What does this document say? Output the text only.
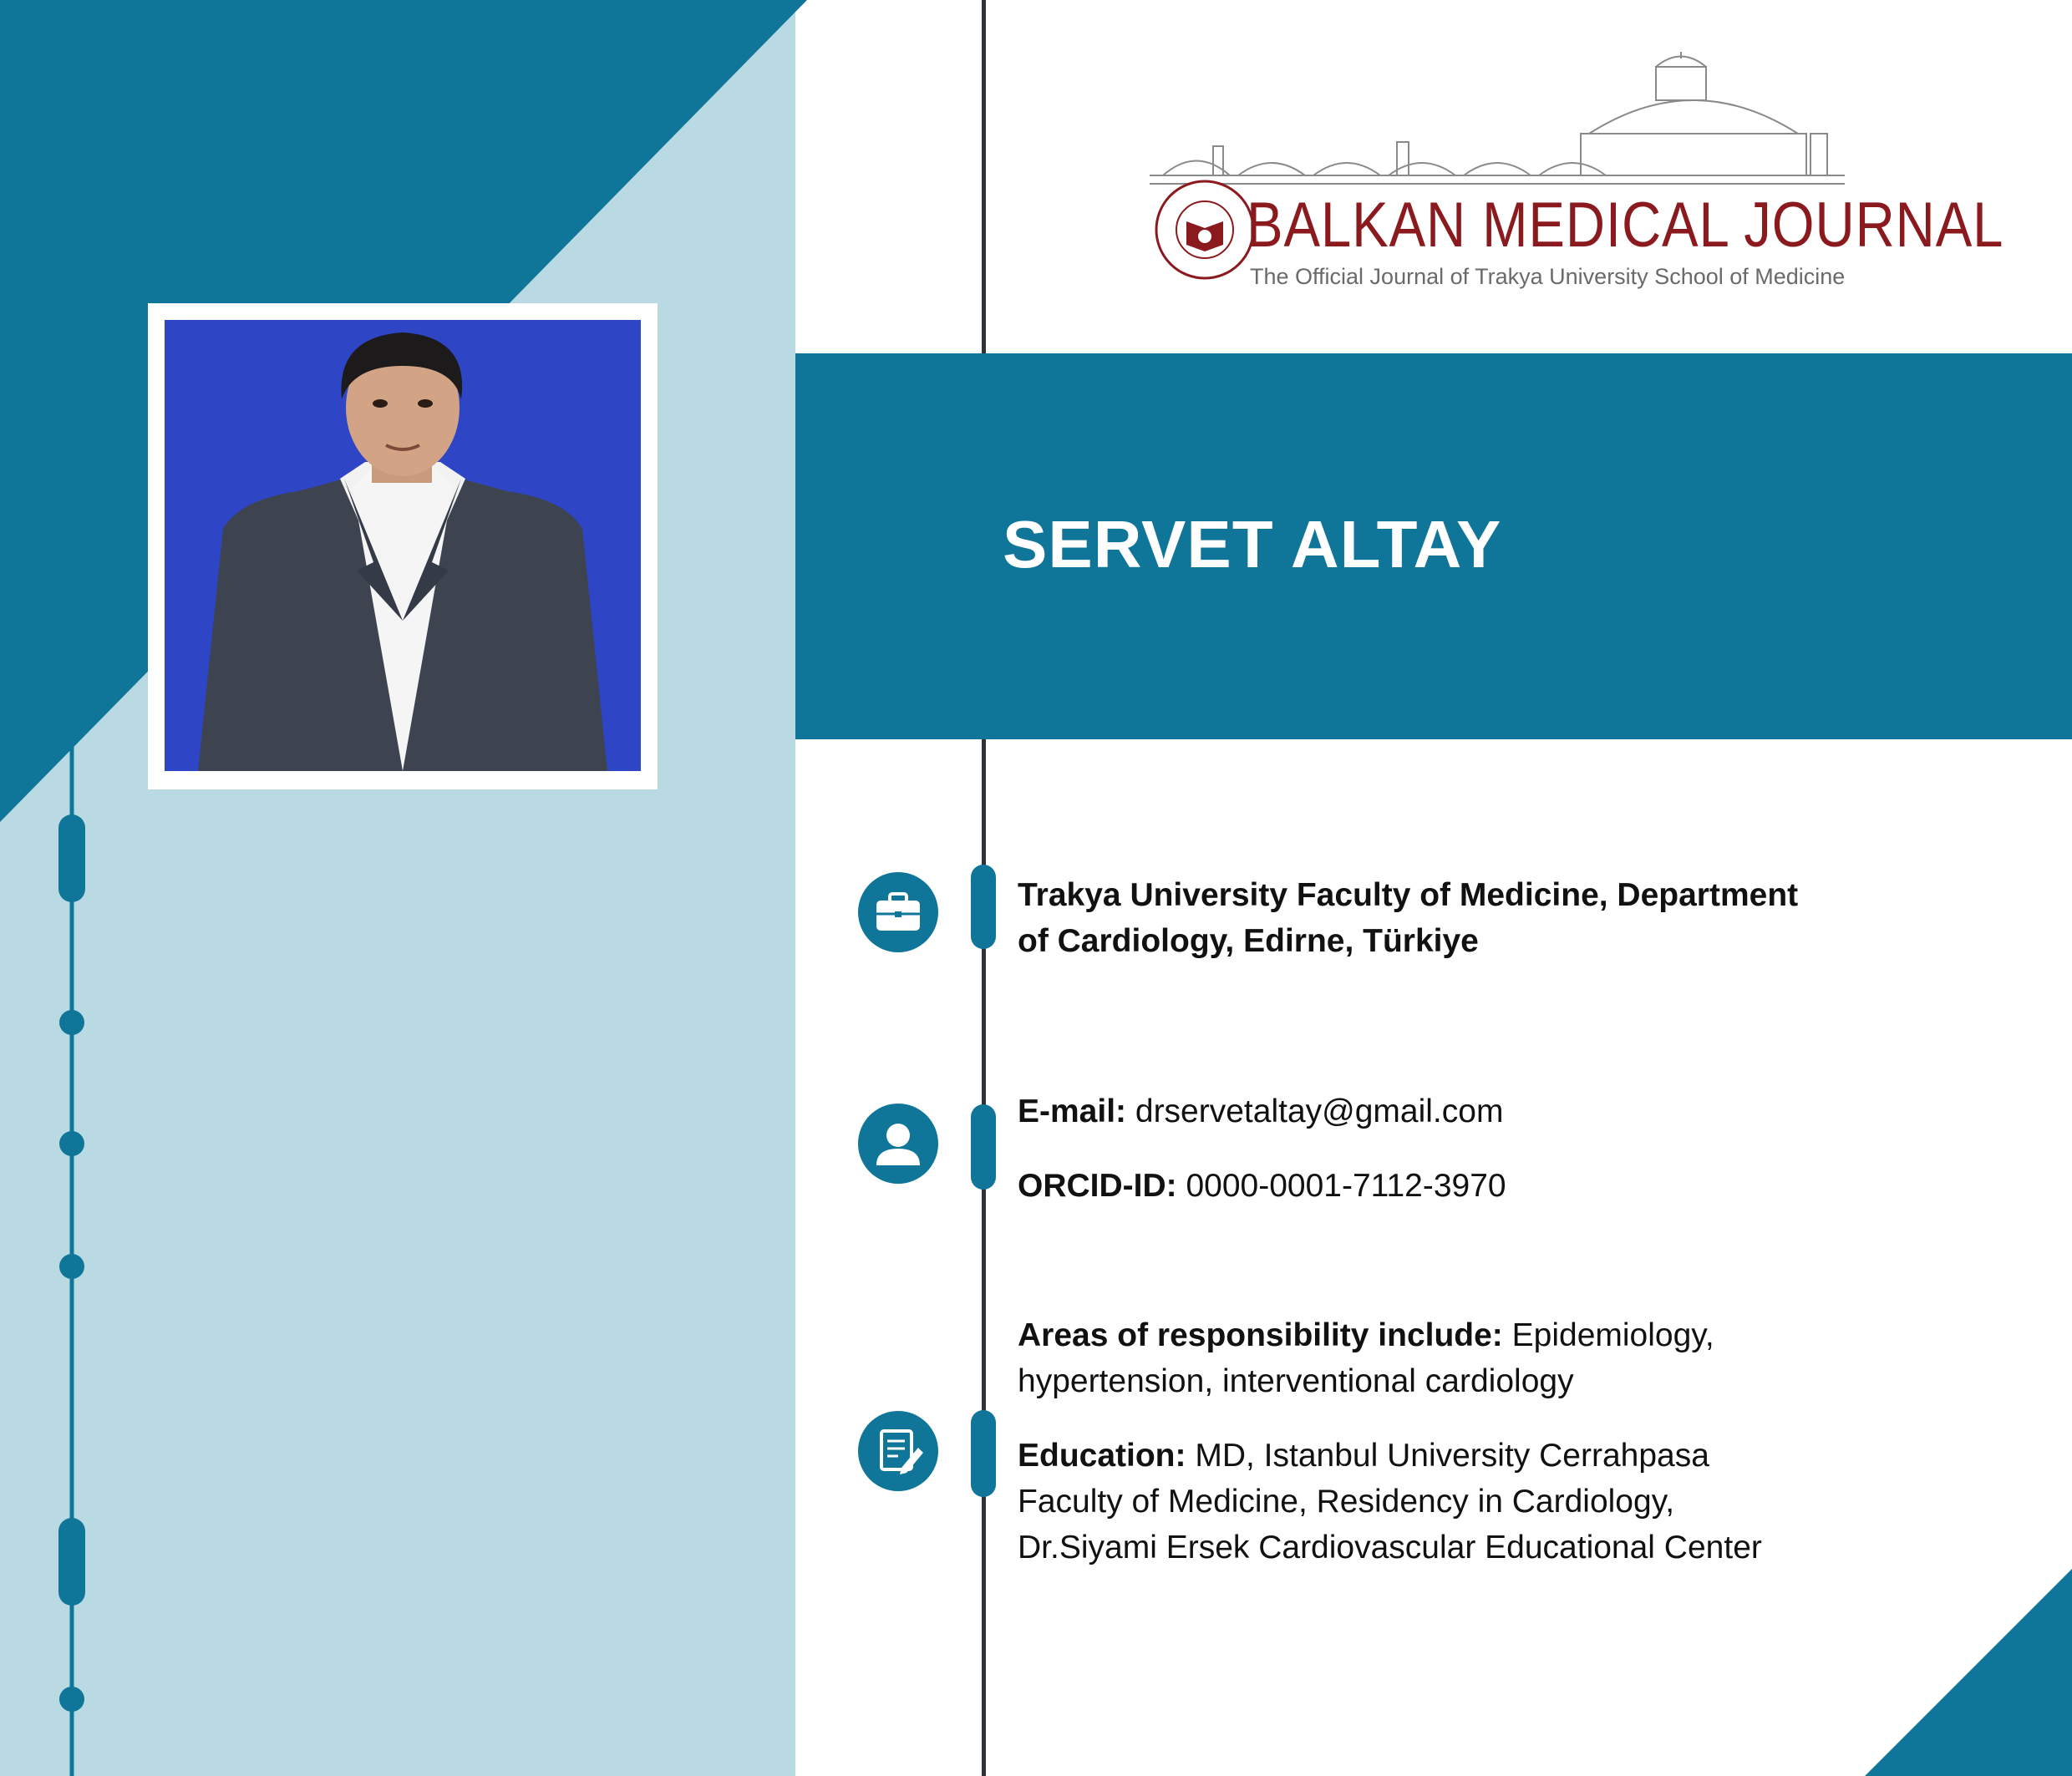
BALKAN MEDICAL JOURNAL
The Official Journal of Trakya University School of Medicine
SERVET ALTAY
Trakya University Faculty of Medicine, Department
of Cardiology, Edirne, Türkiye
E-mail: drservetaltay@gmail.com
ORCID-ID: 0000-0001-7112-3970
Areas of responsibility include: Epidemiology,
hypertension, interventional cardiology
Education: MD, Istanbul University Cerrahpasa
Faculty of Medicine, Residency in Cardiology,
Dr.Siyami Ersek Cardiovascular Educational Center
